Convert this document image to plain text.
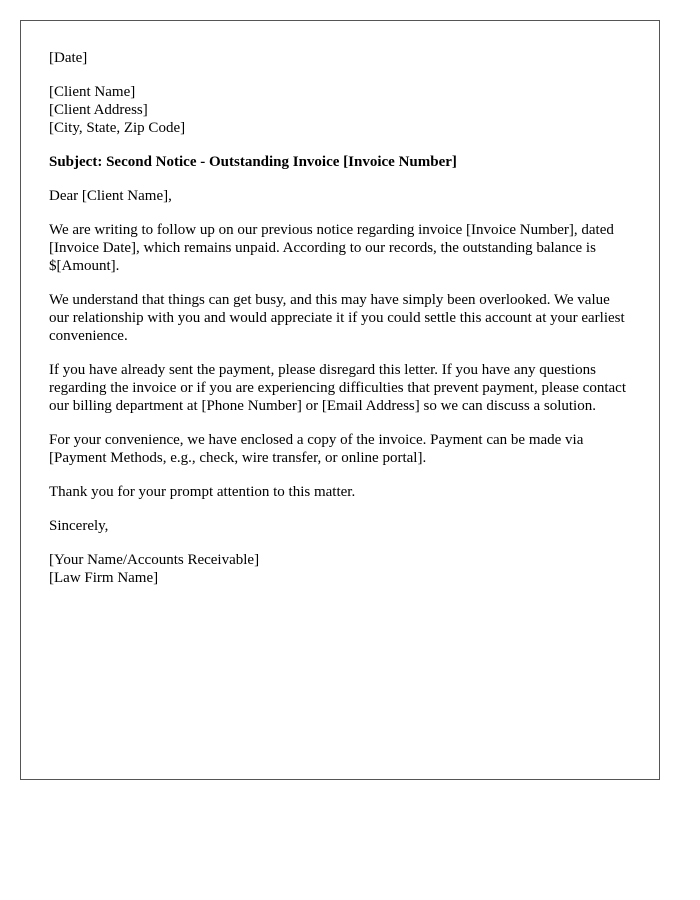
[Date]

[Client Name]
[Client Address]
[City, State, Zip Code]

Subject: Second Notice - Outstanding Invoice [Invoice Number]

Dear [Client Name],

We are writing to follow up on our previous notice regarding invoice [Invoice Number], dated [Invoice Date], which remains unpaid. According to our records, the outstanding balance is $[Amount].

We understand that things can get busy, and this may have simply been overlooked. We value our relationship with you and would appreciate it if you could settle this account at your earliest convenience.

If you have already sent the payment, please disregard this letter. If you have any questions regarding the invoice or if you are experiencing difficulties that prevent payment, please contact our billing department at [Phone Number] or [Email Address] so we can discuss a solution.

For your convenience, we have enclosed a copy of the invoice. Payment can be made via [Payment Methods, e.g., check, wire transfer, or online portal].

Thank you for your prompt attention to this matter.

Sincerely,

[Your Name/Accounts Receivable]
[Law Firm Name]
